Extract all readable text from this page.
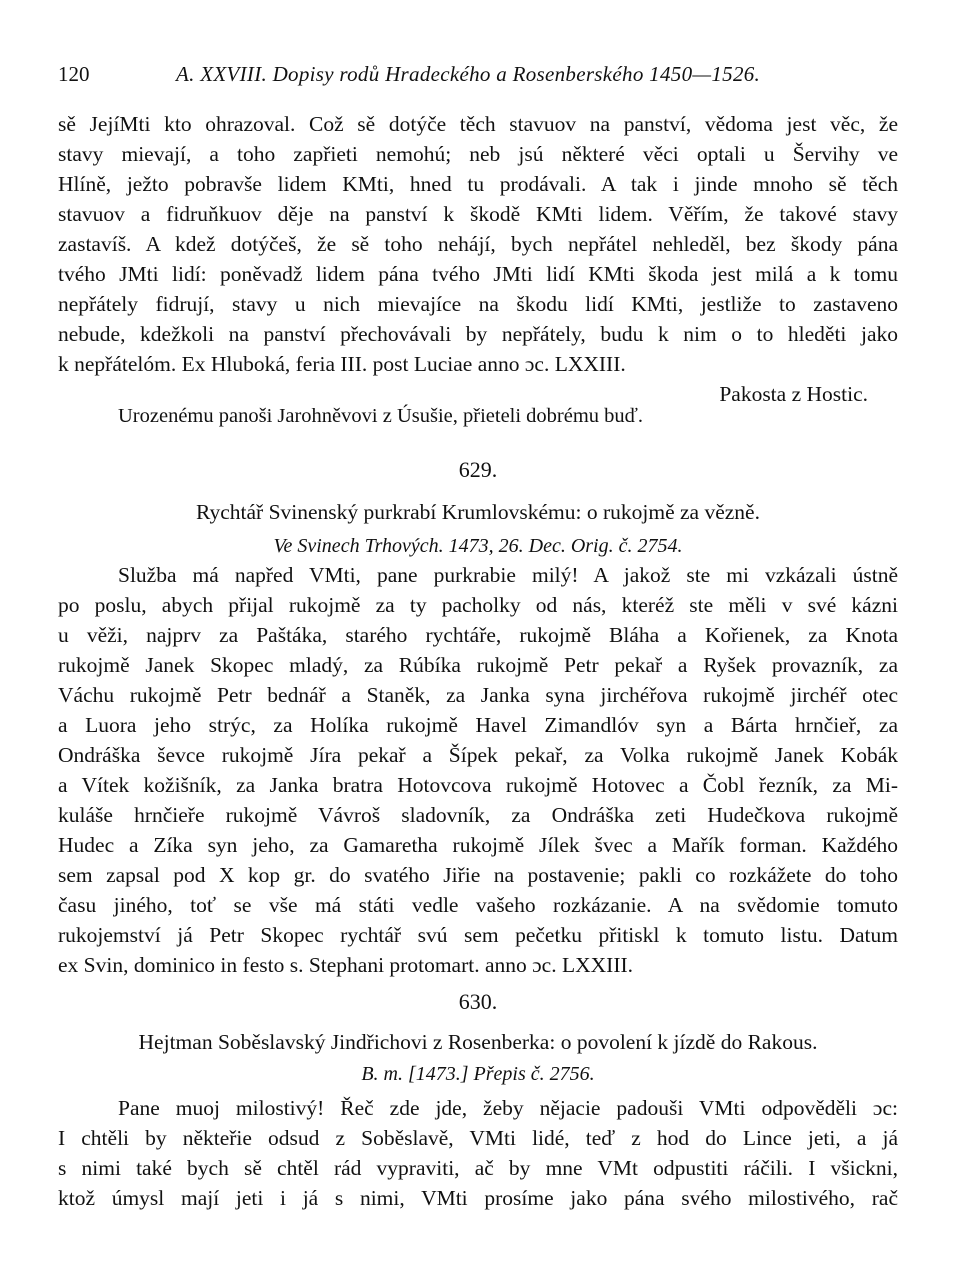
120	A. XXVIII. Dopisy rodů Hradeckého a Rosenberského 1450—1526.
sě JejíMti kto ohrazoval. Což sě dotýče těch stavuov na panství, vědoma jest věc, že
stavy mievají, a toho zapřieti nemohú; neb jsú některé věci optali u Šervihy ve
Hlíně, ježto pobravše lidem KMti, hned tu prodávali. A tak i jinde mnoho sě těch
stavuov a fidruňkuov děje na panství k škodě KMti lidem. Věřím, že takové stavy
zastavíš. A kdež dotýčeš, že sě toho nehájí, bych nepřátel nehleděl, bez škody pána
tvého JMti lidí: poněvadž lidem pána tvého JMti lidí KMti škoda jest milá a k tomu
nepřátely fidrují, stavy u nich mievajíce na škodu lidí KMti, jestliže to zastaveno
nebude, kdežkoli na panství přechovávali by nepřátely, budu k nim o to hleděti jako
k nepřátelóm. Ex Hluboká, feria III. post Luciae anno ɔc. LXXIII.
Pakosta z Hostic.
Urozenému panoši Jarohněvovi z Úsušie, přieteli dobrému buď.
629.
Rychtář Svinenský purkrabí Krumlovskému: o rukojmě za vězně.
Ve Svinech Trhových. 1473, 26. Dec. Orig. č. 2754.
Služba má napřed VMti, pane purkrabie milý! A jakož ste mi vzkázali ústně
po poslu, abych přijal rukojmě za ty pacholky od nás, kteréž ste měli v své kázni
u věži, najprv za Paštáka, starého rychtáře, rukojmě Bláha a Kořienek, za Knota
rukojmě Janek Skopec mladý, za Rúbíka rukojmě Petr pekař a Ryšek provazník, za
Váchu rukojmě Petr bednář a Staněk, za Janka syna jirchéřova rukojmě jirchéř otec
a Luora jeho strýc, za Holíka rukojmě Havel Zimandlóv syn a Bárta hrnčieř, za
Ondráška ševce rukojmě Jíra pekař a Šípek pekař, za Volka rukojmě Janek Kobák
a Vítek kožišník, za Janka bratra Hotovcova rukojmě Hotovec a Čobl řezník, za Mi-
kuláše hrnčieře rukojmě Vávroš sladovník, za Ondráška zeti Hudečkova rukojmě
Hudec a Zíka syn jeho, za Gamaretha rukojmě Jílek švec a Mařík forman. Každého
sem zapsal pod X kop gr. do svatého Jiřie na postavenie; pakli co rozkážete do toho
času jiného, toť se vše má státi vedle vašeho rozkázanie. A na svědomie tomuto
rukojemství já Petr Skopec rychtář svú sem pečetku přitiskl k tomuto listu. Datum
ex Svin, dominico in festo s. Stephani protomart. anno ɔc. LXXIII.
630.
Hejtman Soběslavský Jindřichovi z Rosenberka: o povolení k jízdě do Rakous.
B. m. [1473.] Přepis č. 2756.
Pane muoj milostivý! Řeč zde jde, žeby nějacie padouši VMti odpověděli ɔc:
I chtěli by někteřie odsud z Soběslavě, VMti lidé, teď z hod do Lince jeti, a já
s nimi také bych sě chtěl rád vypraviti, ač by mne VMt odpustiti ráčili. I všickni,
ktož úmysl mají jeti i já s nimi, VMti prosíme jako pána svého milostivého, rač
